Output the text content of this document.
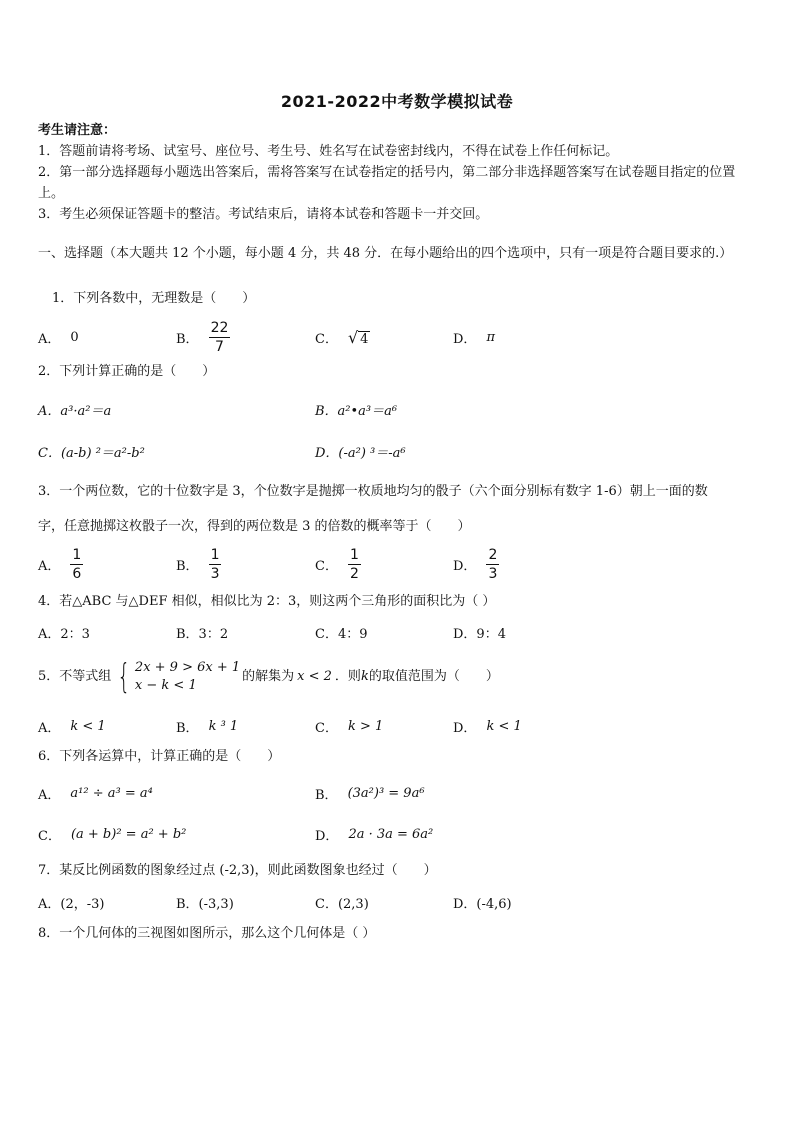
2021-2022中考数学模拟试卷
考生请注意：
1．答题前请将考场、试室号、座位号、考生号、姓名写在试卷密封线内，不得在试卷上作任何标记。
2．第一部分选择题每小题选出答案后，需将答案写在试卷指定的括号内，第二部分非选择题答案写在试卷题目指定的位置上。
3．考生必须保证答题卡的整洁。考试结束后，请将本试卷和答题卡一并交回。
一、选择题（本大题共 12 个小题，每小题 4 分，共 48 分．在每小题给出的四个选项中，只有一项是符合题目要求的.）
1．下列各数中，无理数是（　　）
A． 0	B． $\frac{22}{7}$	C． √ 4	D． π
2．下列计算正确的是（　　）
A．a³·a²＝a	B．a²•a³＝a⁶
C．(a-b) ²＝a²-b²	D．(-a²) ³＝-a⁶
3．一个两位数，它的十位数字是 3，个位数字是抛掷一枚质地均匀的骰子（六个面分别标有数字 1-6）朝上一面的数
字，任意抛掷这枚骰子一次，得到的两位数是 3 的倍数的概率等于（　　）
A． $\frac{1}{6}$	B． $\frac{1}{3}$	C． $\frac{1}{2}$	D． $\frac{2}{3}$
4．若△ABC 与△DEF 相似，相似比为 2：3，则这两个三角形的面积比为（ ）
A．2：3	B．3：2	C．4：9	D．9：4
5．不等式组 { 2x + 9 > 6x + 1
x − k < 1
的解集为 x < 2 ．则 k 的取值范围为（　　）
A． k < 1	B． k ³ 1	C． k > 1	D． k < 1
6．下列各运算中，计算正确的是（　　）
A． a¹² ÷ a³ = a⁴	B． (3a²)³ = 9a⁶
C． (a + b)² = a² + b²	D． 2a · 3a = 6a²
7．某反比例函数的图象经过点 (-2,3)，则此函数图象也经过（　　）
A．(2，-3)	B．(-3,3)	C．(2,3)	D．(-4,6)
8．一个几何体的三视图如图所示，那么这个几何体是（ ）
